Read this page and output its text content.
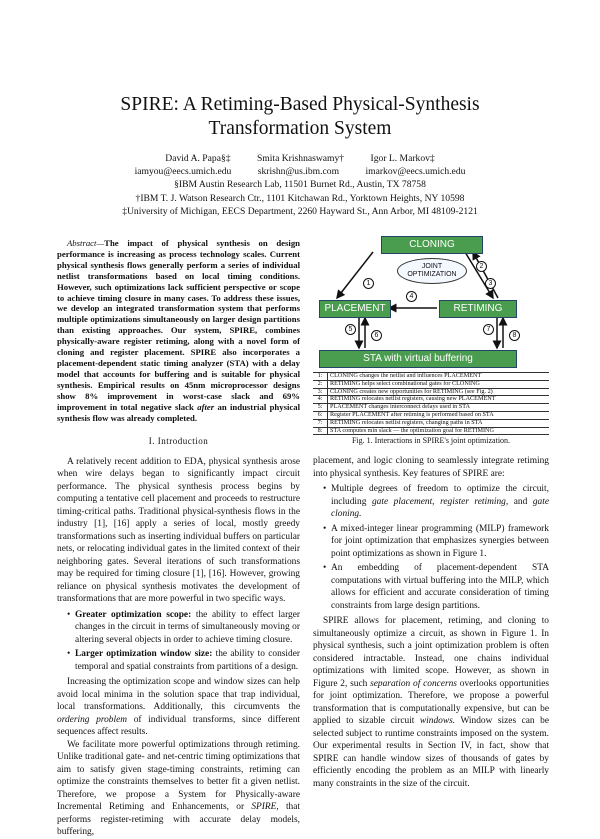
SPIRE: A Retiming-Based Physical-Synthesis
Transformation System
David A. Papa§‡	Smita Krishnaswamy†	Igor L. Markov‡
iamyou@eecs.umich.edu	skrishn@us.ibm.com	imarkov@eecs.umich.edu
§IBM Austin Research Lab, 11501 Burnet Rd., Austin, TX 78758
†IBM T. J. Watson Research Ctr., 1101 Kitchawan Rd., Yorktown Heights, NY 10598
‡University of Michigan, EECS Department, 2260 Hayward St., Ann Arbor, MI 48109-2121

Abstract—The impact of physical synthesis on design performance is increasing as process technology scales. Current physical synthesis flows generally perform a series of individual netlist transformations based on local timing conditions. However, such optimizations lack sufficient perspective or scope to achieve timing closure in many cases. To address these issues, we develop an integrated transformation system that performs multiple optimizations simultaneously on larger design partitions than existing approaches. Our system, SPIRE, combines physically-aware register retiming, along with a novel form of cloning and register placement. SPIRE also incorporates a placement-dependent static timing analyzer (STA) with a delay model that accounts for buffering and is suitable for physical synthesis. Empirical results on 45nm microprocessor designs show 8% improvement in worst-case slack and 69% improvement in total negative slack after an industrial physical synthesis flow was already completed.

I. Introduction

A relatively recent addition to EDA, physical synthesis arose when wire delays began to significantly impact circuit performance. The physical synthesis process begins by computing a tentative cell placement and proceeds to restructure timing-critical paths. Traditional physical-synthesis flows in the industry [1], [16] apply a series of local, mostly greedy transformations such as inserting individual buffers on particular nets, or relocating individual gates in the limited context of their neighboring gates. Several iterations of such transformations may be required for timing closure [1], [16]. However, growing reliance on physical synthesis motivates the development of transformations that are more powerful in two specific ways.

• Greater optimization scope: the ability to effect larger changes in the circuit in terms of simultaneously moving or altering several objects in order to achieve timing closure.
• Larger optimization window size: the ability to consider temporal and spatial constraints from partitions of a design.

Increasing the optimization scope and window sizes can help avoid local minima in the solution space that trap individual, local transformations. Additionally, this circumvents the ordering problem of individual transforms, since different sequences affect results.

We facilitate more powerful optimizations through retiming. Unlike traditional gate- and net-centric timing optimizations that aim to satisfy given stage-timing constraints, retiming can optimize the constraints themselves to better fit a given netlist. Therefore, we propose a System for Physically-aware Incremental Retiming and Enhancements, or SPIRE, that performs register-retiming with accurate delay models, buffering,

CLONING
JOINT OPTIMIZATION
PLACEMENT	RETIMING
STA with virtual buffering
1
2
3
4
5
6
7
8
1:	CLONING changes the netlist and influences PLACEMENT
2:	RETIMING helps select combinational gates for CLONING
3:	CLONING creates new opportunities for RETIMING (see Fig. 2)
4:	RETIMING relocates netlist registers, causing new PLACEMENT
5:	PLACEMENT changes interconnect delays used in STA
6:	Register PLACEMENT after retiming is performed based on STA
7:	RETIMING relocates netlist registers, changing paths in STA
8:	STA computes min slack — the optimization goal for RETIMING
Fig. 1. Interactions in SPIRE's joint optimization.

placement, and logic cloning to seamlessly integrate retiming into physical synthesis. Key features of SPIRE are:

• Multiple degrees of freedom to optimize the circuit, including gate placement, register retiming, and gate cloning.
• A mixed-integer linear programming (MILP) framework for joint optimization that emphasizes synergies between point optimizations as shown in Figure 1.
• An embedding of placement-dependent STA computations with virtual buffering into the MILP, which allows for efficient and accurate consideration of timing constraints from large design partitions.

SPIRE allows for placement, retiming, and cloning to simultaneously optimize a circuit, as shown in Figure 1. In physical synthesis, such a joint optimization problem is often considered intractable. Instead, one chains individual optimizations with limited scope. However, as shown in Figure 2, such separation of concerns overlooks opportunities for joint optimization. Therefore, we propose a powerful transformation that is computationally expensive, but can be applied to sizable circuit windows. Window sizes can be selected subject to runtime constraints imposed on the system. Our experimental results in Section IV, in fact, show that SPIRE can handle window sizes of thousands of gates by efficiently encoding the problem as an MILP with linearly many constraints in the size of the circuit.
